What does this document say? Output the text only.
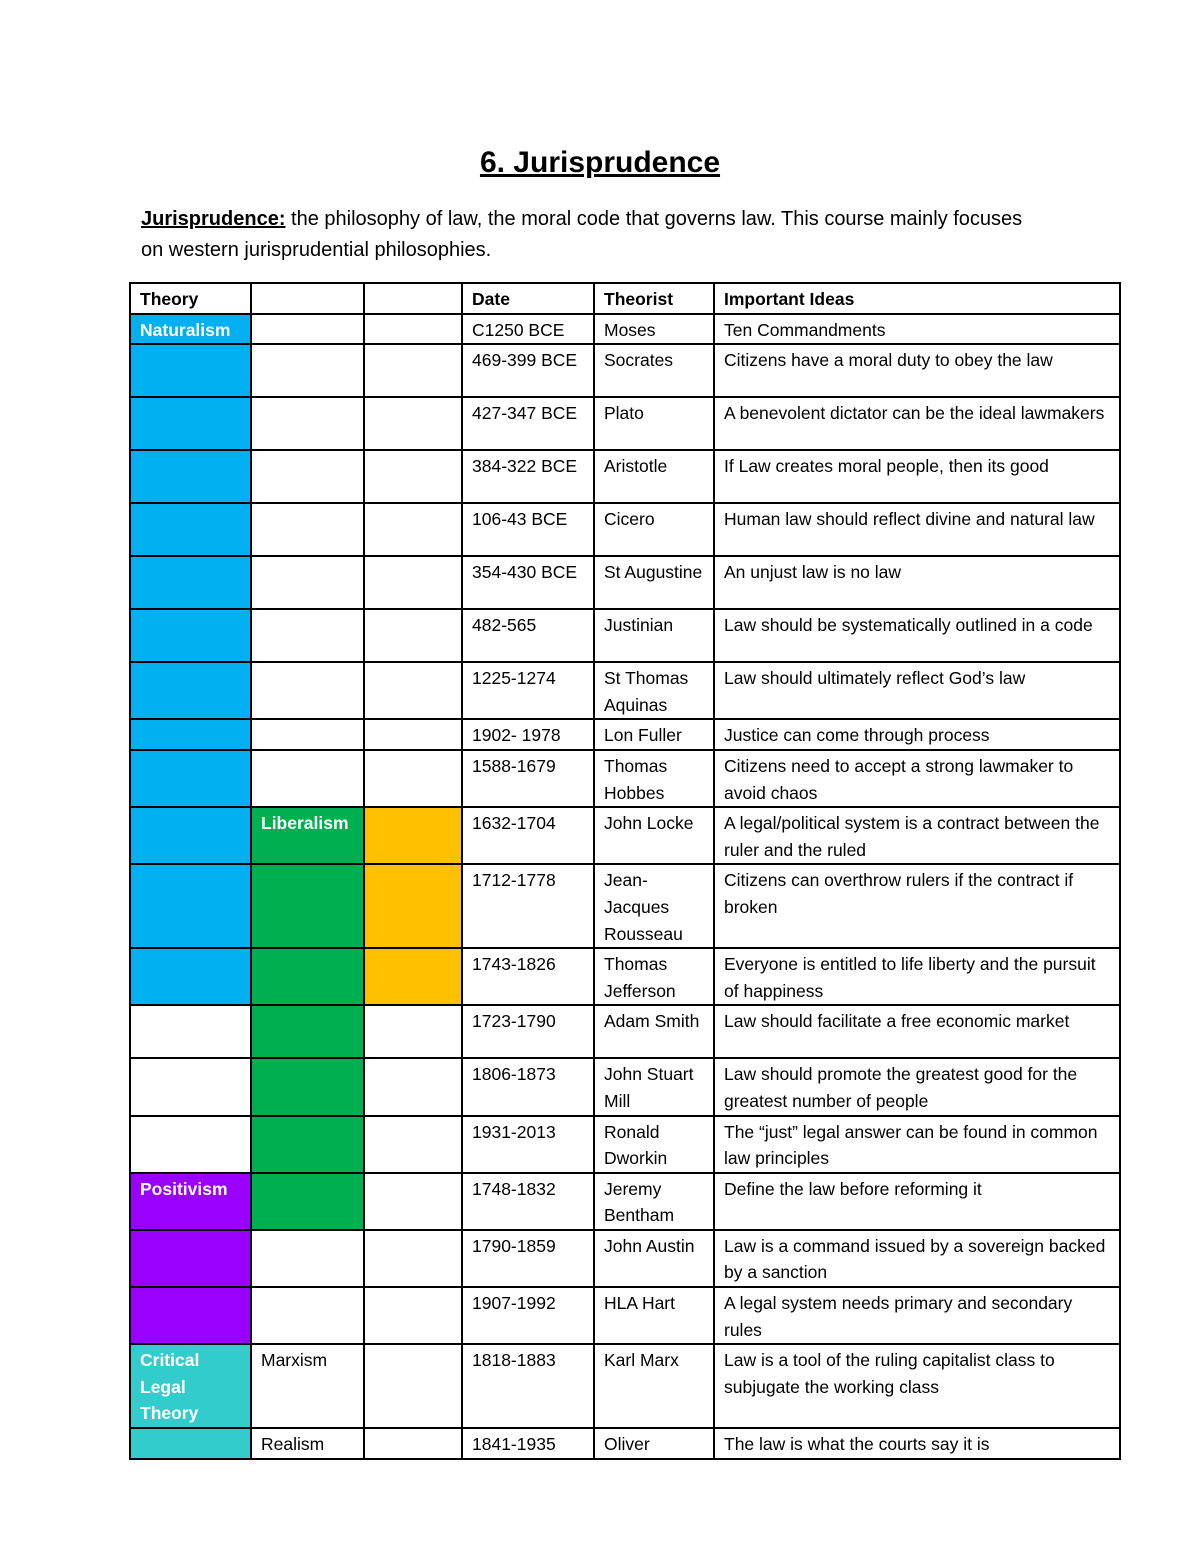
6. Jurisprudence
Jurisprudence: the philosophy of law, the moral code that governs law. This course mainly focuses on western jurisprudential philosophies.
Theory			Date	Theorist	Important Ideas
Naturalism			C1250 BCE	Moses	Ten Commandments
			469-399 BCE	Socrates	Citizens have a moral duty to obey the law
			427-347 BCE	Plato	A benevolent dictator can be the ideal lawmakers
			384-322 BCE	Aristotle	If Law creates moral people, then its good
			106-43 BCE	Cicero	Human law should reflect divine and natural law
			354-430 BCE	St Augustine	An unjust law is no law
			482-565	Justinian	Law should be systematically outlined in a code
			1225-1274	St Thomas Aquinas	Law should ultimately reflect God’s law
			1902- 1978	Lon Fuller	Justice can come through process
		Social Contract	1588-1679	Thomas Hobbes	Citizens need to accept a strong lawmaker to avoid chaos
	Liberalism		1632-1704	John Locke	A legal/political system is a contract between the ruler and the ruled
			1712-1778	Jean-Jacques Rousseau	Citizens can overthrow rulers if the contract if broken
			1743-1826	Thomas Jefferson	Everyone is entitled to life liberty and the pursuit of happiness
			1723-1790	Adam Smith	Law should facilitate a free economic market
			1806-1873	John Stuart Mill	Law should promote the greatest good for the greatest number of people
			1931-2013	Ronald Dworkin	The “just” legal answer can be found in common law principles
Positivism			1748-1832	Jeremy Bentham	Define the law before reforming it
			1790-1859	John Austin	Law is a command issued by a sovereign backed by a sanction
			1907-1992	HLA Hart	A legal system needs primary and secondary rules
Critical Legal Theory	Marxism		1818-1883	Karl Marx	Law is a tool of the ruling capitalist class to subjugate the working class
	Realism		1841-1935	Oliver	The law is what the courts say it is
